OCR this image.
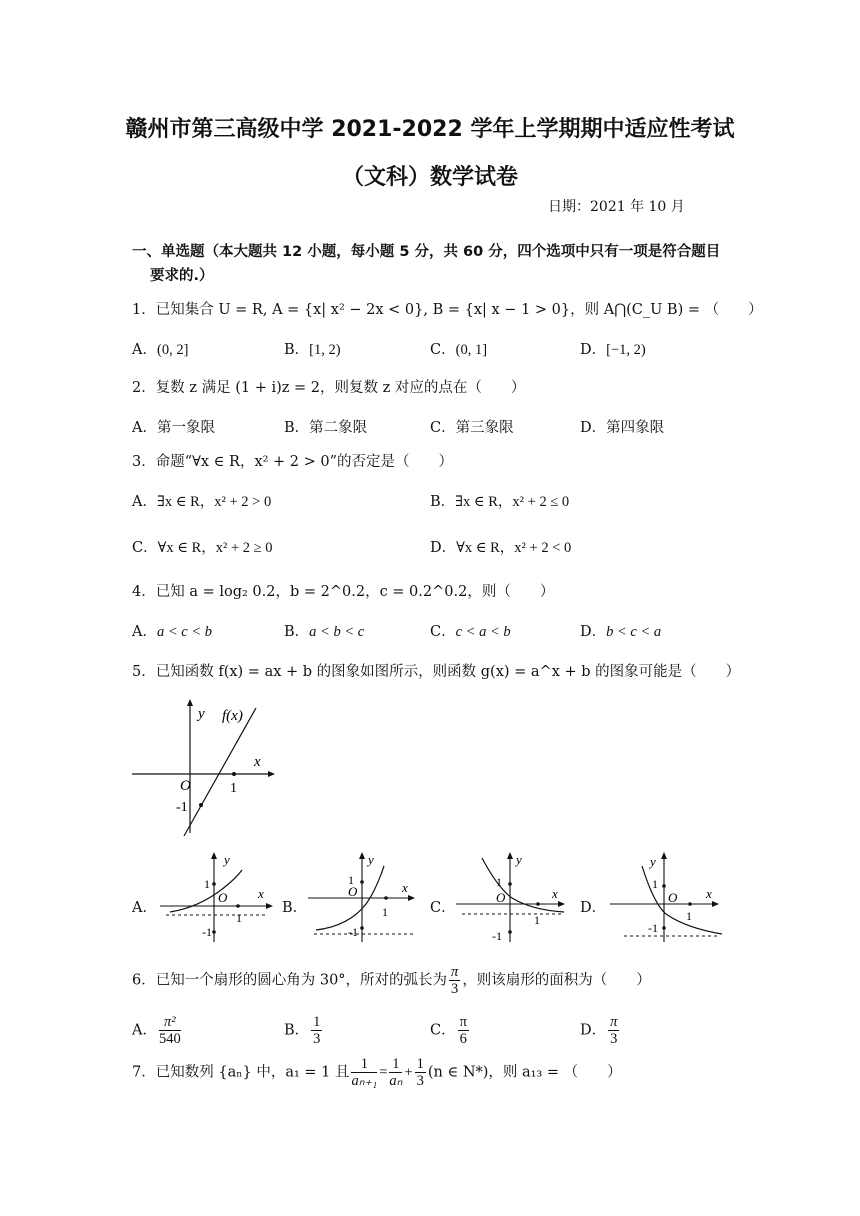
赣州市第三高级中学 2021-2022 学年上学期期中适应性考试
（文科）数学试卷
日期：2021 年 10 月
一、单选题（本大题共 12 小题，每小题 5 分，共 60 分，四个选项中只有一项是符合题目
要求的.）
1．已知集合 U = R, A = {x| x² − 2x < 0}, B = {x| x − 1 > 0}，则 A⋂(C_U B) = （　　）
A．(0, 2]	B．[1, 2)	C．(0, 1]	D．[−1, 2)
2．复数 z 满足 (1 + i)z = 2，则复数 z 对应的点在（　　）
A．第一象限	B．第二象限	C．第三象限	D．第四象限
3．命题“∀x ∈ R，x² + 2 > 0”的否定是（　　）
A．∃x ∈ R，x² + 2 > 0	B．∃x ∈ R，x² + 2 ≤ 0
C．∀x ∈ R，x² + 2 ≥ 0	D．∀x ∈ R，x² + 2 < 0
4．已知 a = log₂ 0.2，b = 2^0.2，c = 0.2^0.2，则（　　）
A．a < c < b	B．a < b < c	C．c < a < b	D．b < c < a
5．已知函数 f(x) = ax + b 的图象如图所示，则函数 g(x) = a^x + b 的图象可能是（　　）
y f(x)
x
O	1
-1
A．	B．	C．	D．
y
x
O
1
1
-1
y
x
O
1
1
-1
y
x
O
1
1
-1
y
x
O
1
1
-1
6．已知一个扇形的圆心角为 30°，所对的弧长为 $\frac{\pi}{3}$ ，则该扇形的面积为（　　）
A． $\frac{\text{π²}}{540}$	B． $\frac{1}{3}$	C． $\frac{\pi}{6}$	D． $\frac{\pi}{3}$
7．已知数列 {aₙ} 中，a₁ = 1 且 $\frac{1}{\text{aₙ₊₁}} = \frac{1}{\text{aₙ}} + \frac{1}{3} (n$ ∈ N*)，则 a₁₃ = （　　）
